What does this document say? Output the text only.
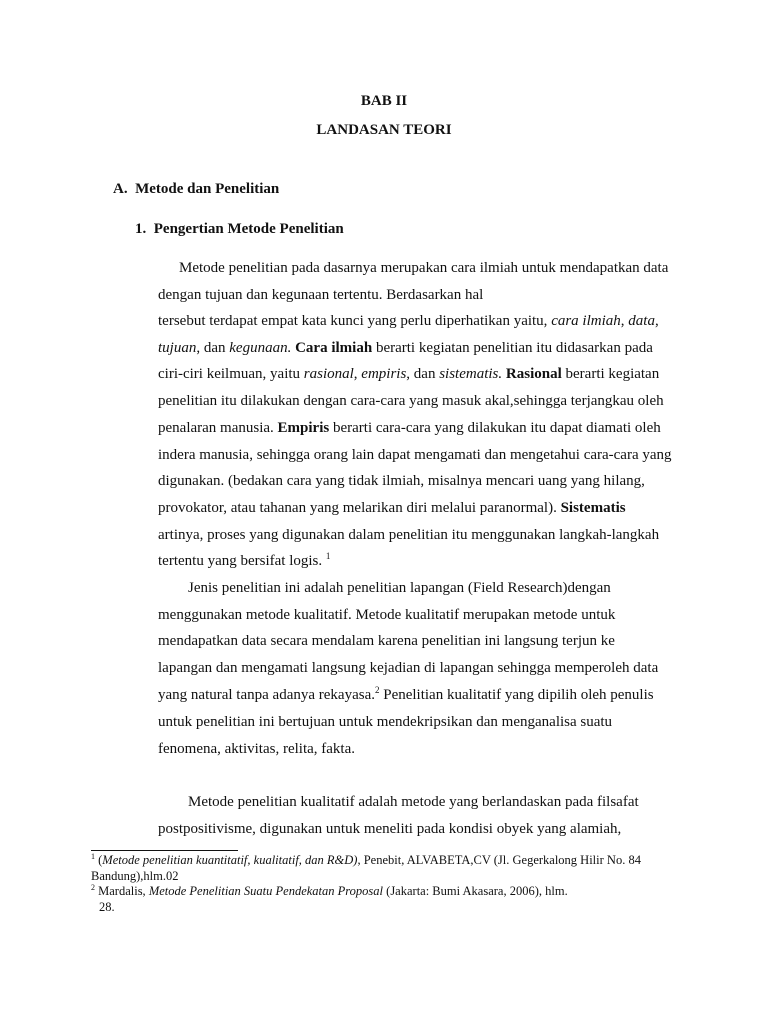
BAB II
LANDASAN TEORI
A. Metode dan Penelitian
1. Pengertian Metode Penelitian
Metode penelitian pada dasarnya merupakan cara ilmiah untuk mendapatkan data
dengan tujuan dan kegunaan tertentu. Berdasarkan hal
tersebut terdapat empat kata kunci yang perlu diperhatikan yaitu, cara ilmiah, data,
tujuan, dan kegunaan. Cara ilmiah berarti kegiatan penelitian itu didasarkan pada
ciri-ciri keilmuan, yaitu rasional, empiris, dan sistematis. Rasional berarti kegiatan
penelitian itu dilakukan dengan cara-cara yang masuk akal,sehingga terjangkau oleh
penalaran manusia. Empiris berarti cara-cara yang dilakukan itu dapat diamati oleh
indera manusia, sehingga orang lain dapat mengamati dan mengetahui cara-cara yang
digunakan. (bedakan cara yang tidak ilmiah, misalnya mencari uang yang hilang,
provokator, atau tahanan yang melarikan diri melalui paranormal). Sistematis
artinya, proses yang digunakan dalam penelitian itu menggunakan langkah-langkah
tertentu yang bersifat logis. $^1$
Jenis penelitian ini adalah penelitian lapangan (Field Research)dengan
menggunakan metode kualitatif. Metode kualitatif merupakan metode untuk
mendapatkan data secara mendalam karena penelitian ini langsung terjun ke
lapangan dan mengamati langsung kejadian di lapangan sehingga memperoleh data
yang natural tanpa adanya rekayasa.$^2$ Penelitian kualitatif yang dipilih oleh penulis
untuk penelitian ini bertujuan untuk mendekripsikan dan menganalisa suatu
fenomena, aktivitas, relita, fakta.
Metode penelitian kualitatif adalah metode yang berlandaskan pada filsafat
postpositivisme, digunakan untuk meneliti pada kondisi obyek yang alamiah,
$^1$ (Metode penelitian kuantitatif, kualitatif, dan R&D), Penebit, ALVABETA,CV (Jl. Gegerkalong Hilir No. 84
Bandung),hlm.02
$^2$ Mardalis, Metode Penelitian Suatu Pendekatan Proposal (Jakarta: Bumi Akasara, 2006), hlm.
28.
